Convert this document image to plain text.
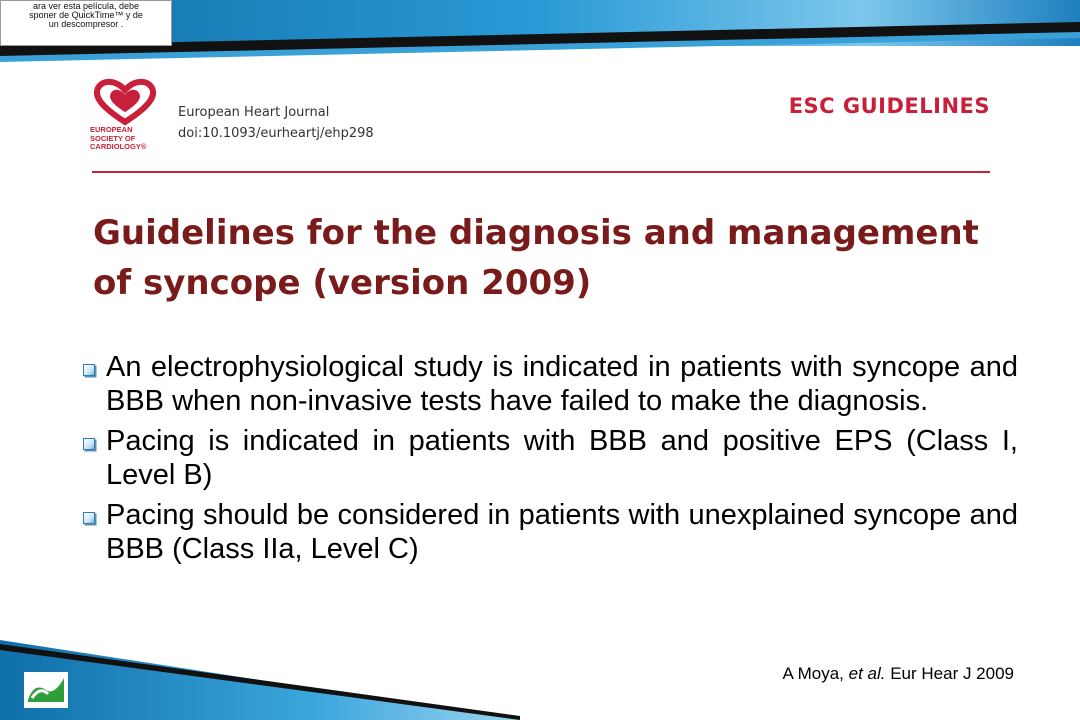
ara ver esta película, debe
sponer de QuickTime™ y de
un descompresor .
EUROPEAN
SOCIETY OF
CARDIOLOGY®
European Heart Journal
doi:10.1093/eurheartj/ehp298
ESC GUIDELINES
Guidelines for the diagnosis and management
of syncope (version 2009)
An electrophysiological study is indicated in patients with syncope and BBB when non-invasive tests have failed to make the diagnosis.
Pacing is indicated in patients with BBB and positive EPS (Class I, Level B)
Pacing should be considered in patients with unexplained syncope and BBB (Class IIa, Level C)
A Moya, et al. Eur Hear J 2009
